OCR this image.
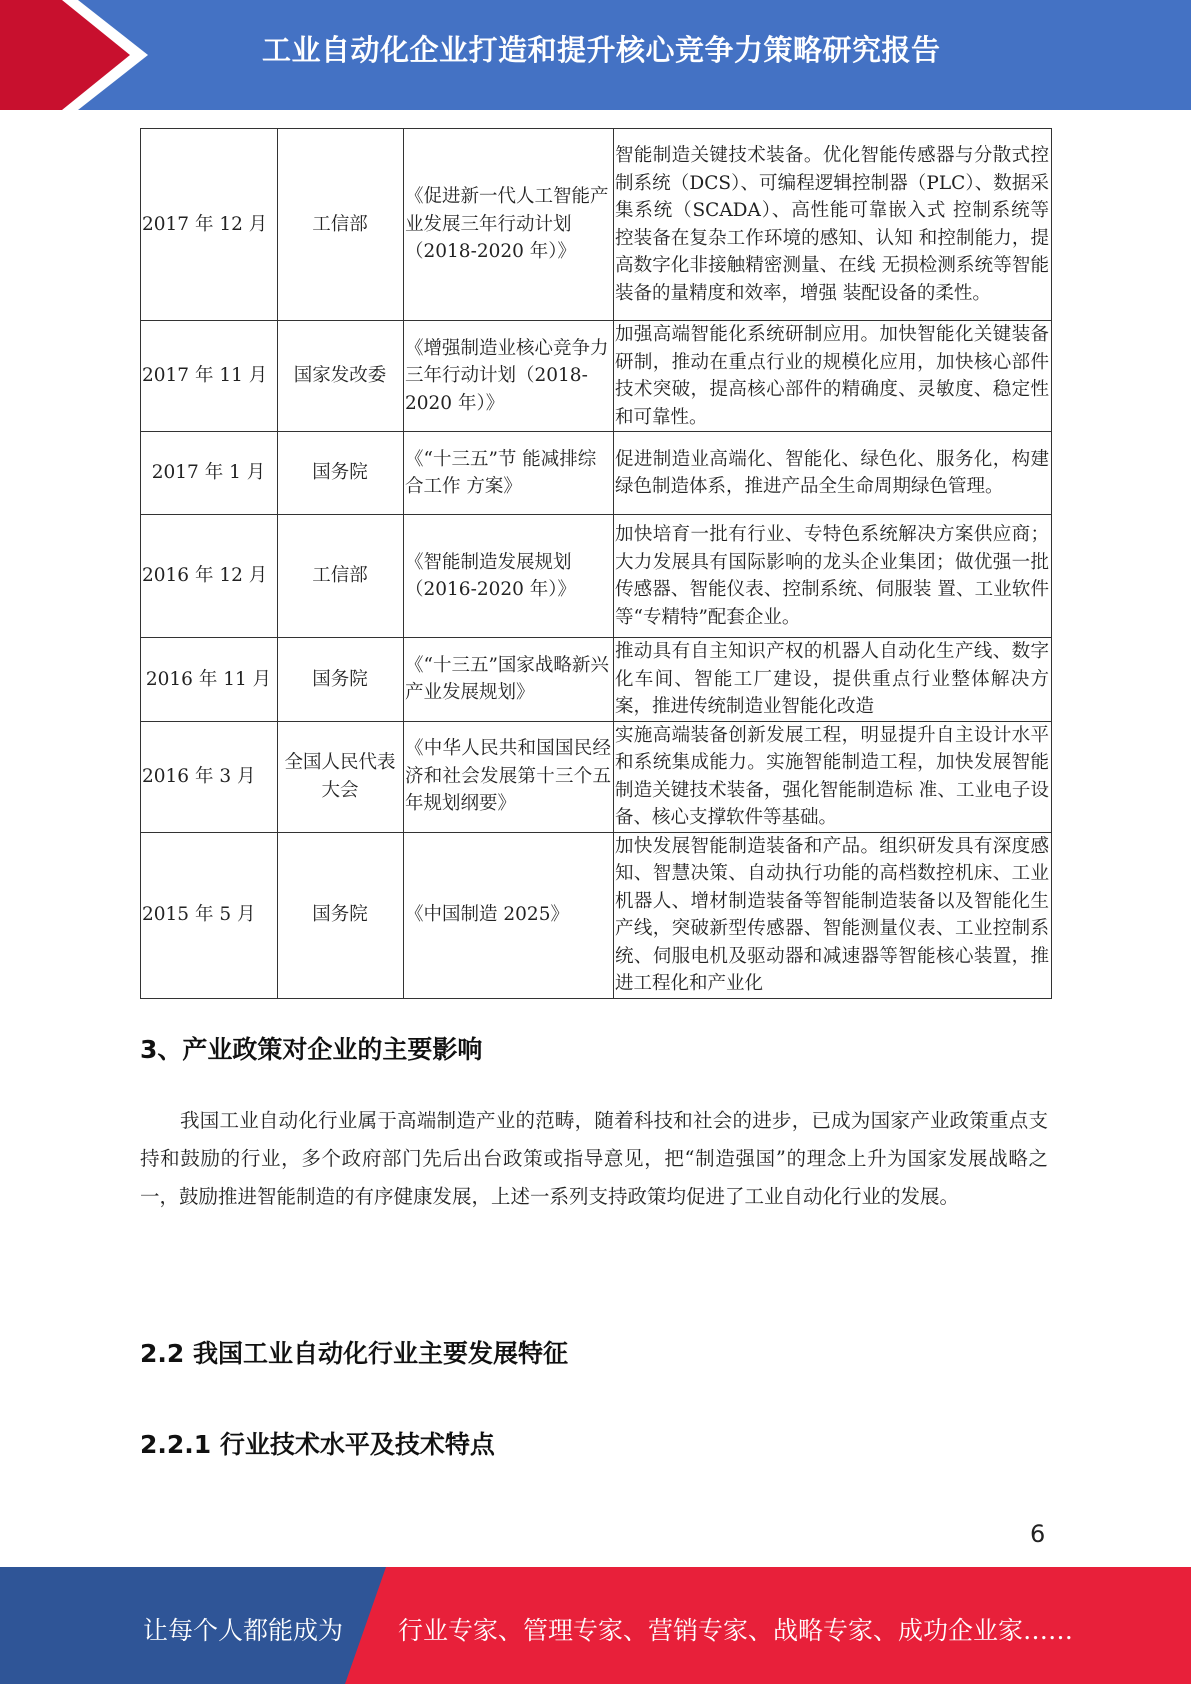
工业自动化企业打造和提升核心竞争力策略研究报告
2017 年 12 月	工信部	《促进新一代人工智能产业发展三年行动计划（2018-2020 年）》	智能制造关键技术装备。优化智能传感器与分散式控制系统（DCS）、可编程逻辑控制器（PLC）、数据采集系统（SCADA）、高性能可靠嵌入式 控制系统等控装备在复杂工作环境的感知、认知 和控制能力，提高数字化非接触精密测量、在线 无损检测系统等智能装备的量精度和效率，增强 装配设备的柔性。
2017 年 11 月	国家发改委	《增强制造业核心竞争力三年行动计划（2018-2020 年）》	加强高端智能化系统研制应用。加快智能化关键装备研制，推动在重点行业的规模化应用，加快核心部件技术突破，提高核心部件的精确度、灵敏度、稳定性和可靠性。
2017 年 1 月	国务院	《“十三五”节 能减排综合工作 方案》	促进制造业高端化、智能化、绿色化、服务化，构建绿色制造体系，推进产品全生命周期绿色管理。
2016 年 12 月	工信部	《智能制造发展规划（2016-2020 年）》	加快培育一批有行业、专特色系统解决方案供应商；大力发展具有国际影响的龙头企业集团；做优强一批传感器、智能仪表、控制系统、伺服装 置、工业软件等“专精特”配套企业。
2016 年 11 月	国务院	《“十三五”国家战略新兴产业发展规划》	推动具有自主知识产权的机器人自动化生产线、数字化车间、智能工厂建设，提供重点行业整体解决方案，推进传统制造业智能化改造
2016 年 3 月	全国人民代表大会	《中华人民共和国国民经济和社会发展第十三个五年规划纲要》	实施高端装备创新发展工程，明显提升自主设计水平和系统集成能力。实施智能制造工程，加快发展智能制造关键技术装备，强化智能制造标 准、工业电子设备、核心支撑软件等基础。
2015 年 5 月	国务院	《中国制造 2025》	加快发展智能制造装备和产品。组织研发具有深度感知、智慧决策、自动执行功能的高档数控机床、工业机器人、增材制造装备等智能制造装备以及智能化生产线，突破新型传感器、智能测量仪表、工业控制系统、伺服电机及驱动器和减速器等智能核心装置，推进工程化和产业化
3、产业政策对企业的主要影响

我国工业自动化行业属于高端制造产业的范畴，随着科技和社会的进步，已成为国家产业政策重点支持和鼓励的行业，多个政府部门先后出台政策或指导意见，把“制造强国”的理念上升为国家发展战略之一，鼓励推进智能制造的有序健康发展，上述一系列支持政策均促进了工业自动化行业的发展。

2.2 我国工业自动化行业主要发展特征
2.2.1 行业技术水平及技术特点
6
让每个人都能成为 行业专家、管理专家、营销专家、战略专家、成功企业家……
